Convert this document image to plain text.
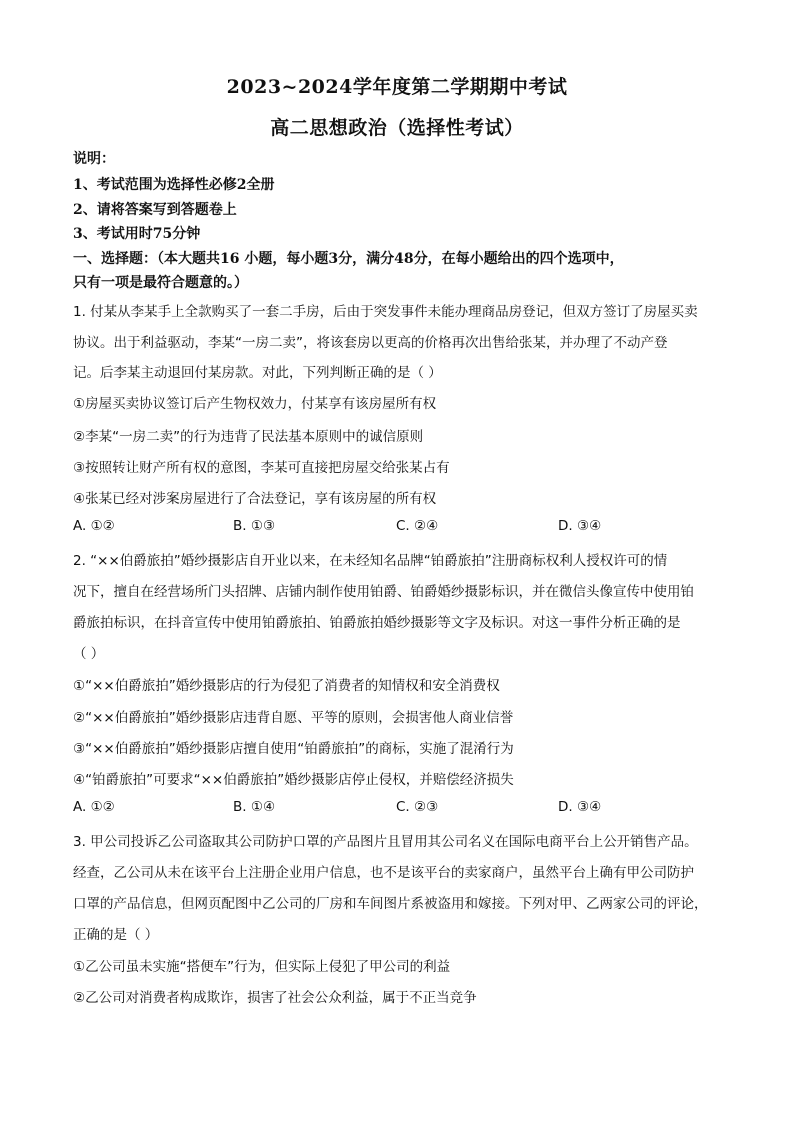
2023~2024学年度第二学期期中考试
高二思想政治（选择性考试）
说明：
1、考试范围为选择性必修2全册
2、请将答案写到答题卷上
3、考试用时75分钟
一、选择题：（本大题共16 小题，每小题3分，满分48分，在每小题给出的四个选项中，
只有一项是最符合题意的。）
1. 付某从李某手上全款购买了一套二手房，后由于突发事件未能办理商品房登记，但双方签订了房屋买卖
协议。出于利益驱动，李某“一房二卖”，将该套房以更高的价格再次出售给张某，并办理了不动产登
记。后李某主动退回付某房款。对此，下列判断正确的是（ ）
①房屋买卖协议签订后产生物权效力，付某享有该房屋所有权
②李某“一房二卖”的行为违背了民法基本原则中的诚信原则
③按照转让财产所有权的意图，李某可直接把房屋交给张某占有
④张某已经对涉案房屋进行了合法登记，享有该房屋的所有权
A. ①②	B. ①③	C. ②④	D. ③④
2. “××伯爵旅拍”婚纱摄影店自开业以来，在未经知名品牌“铂爵旅拍”注册商标权利人授权许可的情
况下，擅自在经营场所门头招牌、店铺内制作使用铂爵、铂爵婚纱摄影标识，并在微信头像宣传中使用铂
爵旅拍标识，在抖音宣传中使用铂爵旅拍、铂爵旅拍婚纱摄影等文字及标识。对这一事件分析正确的是
（ ）
①“××伯爵旅拍”婚纱摄影店的行为侵犯了消费者的知情权和安全消费权
②“××伯爵旅拍”婚纱摄影店违背自愿、平等的原则，会损害他人商业信誉
③“××伯爵旅拍”婚纱摄影店擅自使用“铂爵旅拍”的商标，实施了混淆行为
④“铂爵旅拍”可要求“××伯爵旅拍”婚纱摄影店停止侵权，并赔偿经济损失
A. ①②	B. ①④	C. ②③	D. ③④
3. 甲公司投诉乙公司盗取其公司防护口罩的产品图片且冒用其公司名义在国际电商平台上公开销售产品。
经查，乙公司从未在该平台上注册企业用户信息，也不是该平台的卖家商户，虽然平台上确有甲公司防护
口罩的产品信息，但网页配图中乙公司的厂房和车间图片系被盗用和嫁接。下列对甲、乙两家公司的评论，
正确的是（ ）
①乙公司虽未实施“搭便车”行为，但实际上侵犯了甲公司的利益
②乙公司对消费者构成欺诈，损害了社会公众利益，属于不正当竞争
